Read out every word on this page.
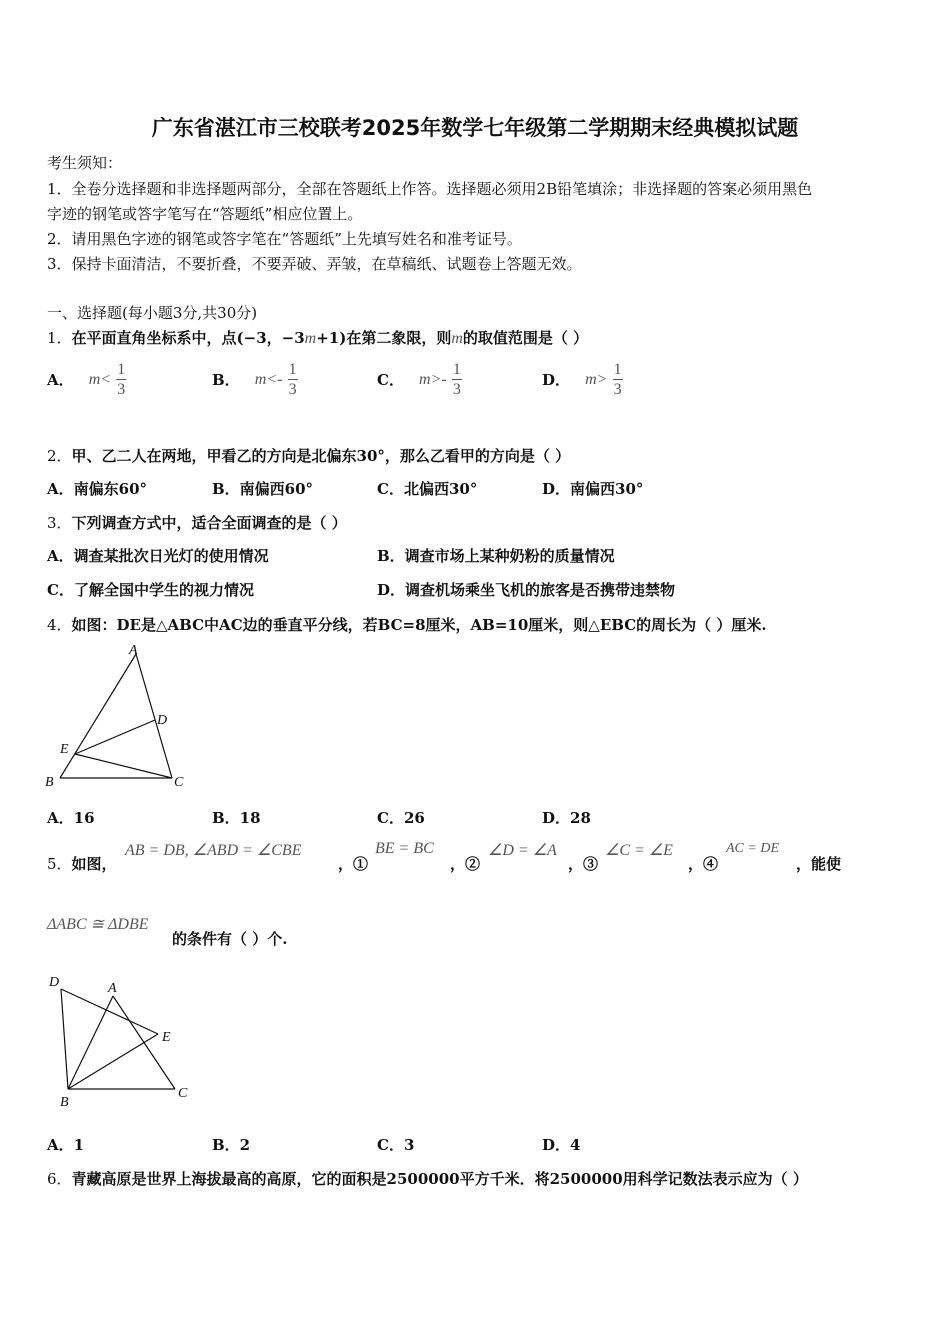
广东省湛江市三校联考2025年数学七年级第二学期期末经典模拟试题
考生须知：
1．全卷分选择题和非选择题两部分，全部在答题纸上作答。选择题必须用2B铅笔填涂；非选择题的答案必须用黑色
字迹的钢笔或答字笔写在“答题纸”相应位置上。
2．请用黑色字迹的钢笔或答字笔在“答题纸”上先填写姓名和准考证号。
3．保持卡面清洁，不要折叠，不要弄破、弄皱，在草稿纸、试题卷上答题无效。
一、选择题(每小题3分,共30分)
1．在平面直角坐标系中，点(−3，−3m+1)在第二象限，则m的取值范围是（ ）
A． $m< \frac{1}{3}$	B． $m<- \frac{1}{3}$	C． $m>- \frac{1}{3}$	D． $m> \frac{1}{3}$
2．甲、乙二人在两地，甲看乙的方向是北偏东30°，那么乙看甲的方向是（ ）
A．南偏东60°	B．南偏西60°	C．北偏西30°	D．南偏西30°
3．下列调查方式中，适合全面调查的是（ ）
A．调查某批次日光灯的使用情况	B．调查市场上某种奶粉的质量情况
C．了解全国中学生的视力情况	D．调查机场乘坐飞机的旅客是否携带违禁物
4．如图：DE是△ABC中AC边的垂直平分线，若BC=8厘米，AB=10厘米，则△EBC的周长为（ ）厘米.
A
D
E
B	C
A．16	B．18	C．26	D．28
5．如图，
AB = DB, ∠ABD = ∠CBE
，①
BE = BC
，②
∠D = ∠A
，③
∠C = ∠E
，④
AC = DE
，能使
ΔABC ≅ ΔDBE
的条件有（ ）个.
D	A
E
B
C
A．1	B．2	C．3	D．4
6．青藏高原是世界上海拔最高的高原，它的面积是2500000平方千米．将2500000用科学记数法表示应为（ ）
